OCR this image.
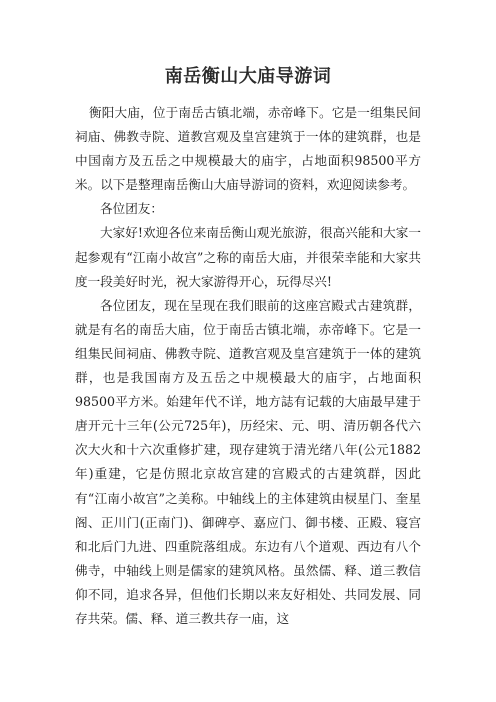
南岳衡山大庙导游词

衡阳大庙，位于南岳古镇北端，赤帝峰下。它是一组集民间祠庙、佛教寺院、道教宫观及皇宫建筑于一体的建筑群，也是中国南方及五岳之中规模最大的庙宇，占地面积98500平方米。以下是整理南岳衡山大庙导游词的资料，欢迎阅读参考。

各位团友：

大家好!欢迎各位来南岳衡山观光旅游，很高兴能和大家一起参观有“江南小故宫”之称的南岳大庙，并很荣幸能和大家共度一段美好时光，祝大家游得开心，玩得尽兴!

各位团友，现在呈现在我们眼前的这座宫殿式古建筑群，就是有名的南岳大庙，位于南岳古镇北端，赤帝峰下。它是一组集民间祠庙、佛教寺院、道教宫观及皇宫建筑于一体的建筑群，也是我国南方及五岳之中规模最大的庙宇，占地面积98500平方米。始建年代不详，地方誌有记载的大庙最早建于唐开元十三年(公元725年)，历经宋、元、明、清历朝各代六次大火和十六次重修扩建，现存建筑于清光绪八年(公元1882年)重建，它是仿照北京故宫建的宫殿式的古建筑群，因此有“江南小故宫”之美称。中轴线上的主体建筑由棂星门、奎星阁、正川门(正南门)、御碑亭、嘉应门、御书楼、正殿、寝宫和北后门九进、四重院落组成。东边有八个道观、西边有八个佛寺，中轴线上则是儒家的建筑风格。虽然儒、释、道三教信仰不同，追求各异，但他们长期以来友好相处、共同发展、同存共荣。儒、释、道三教共存一庙，这
